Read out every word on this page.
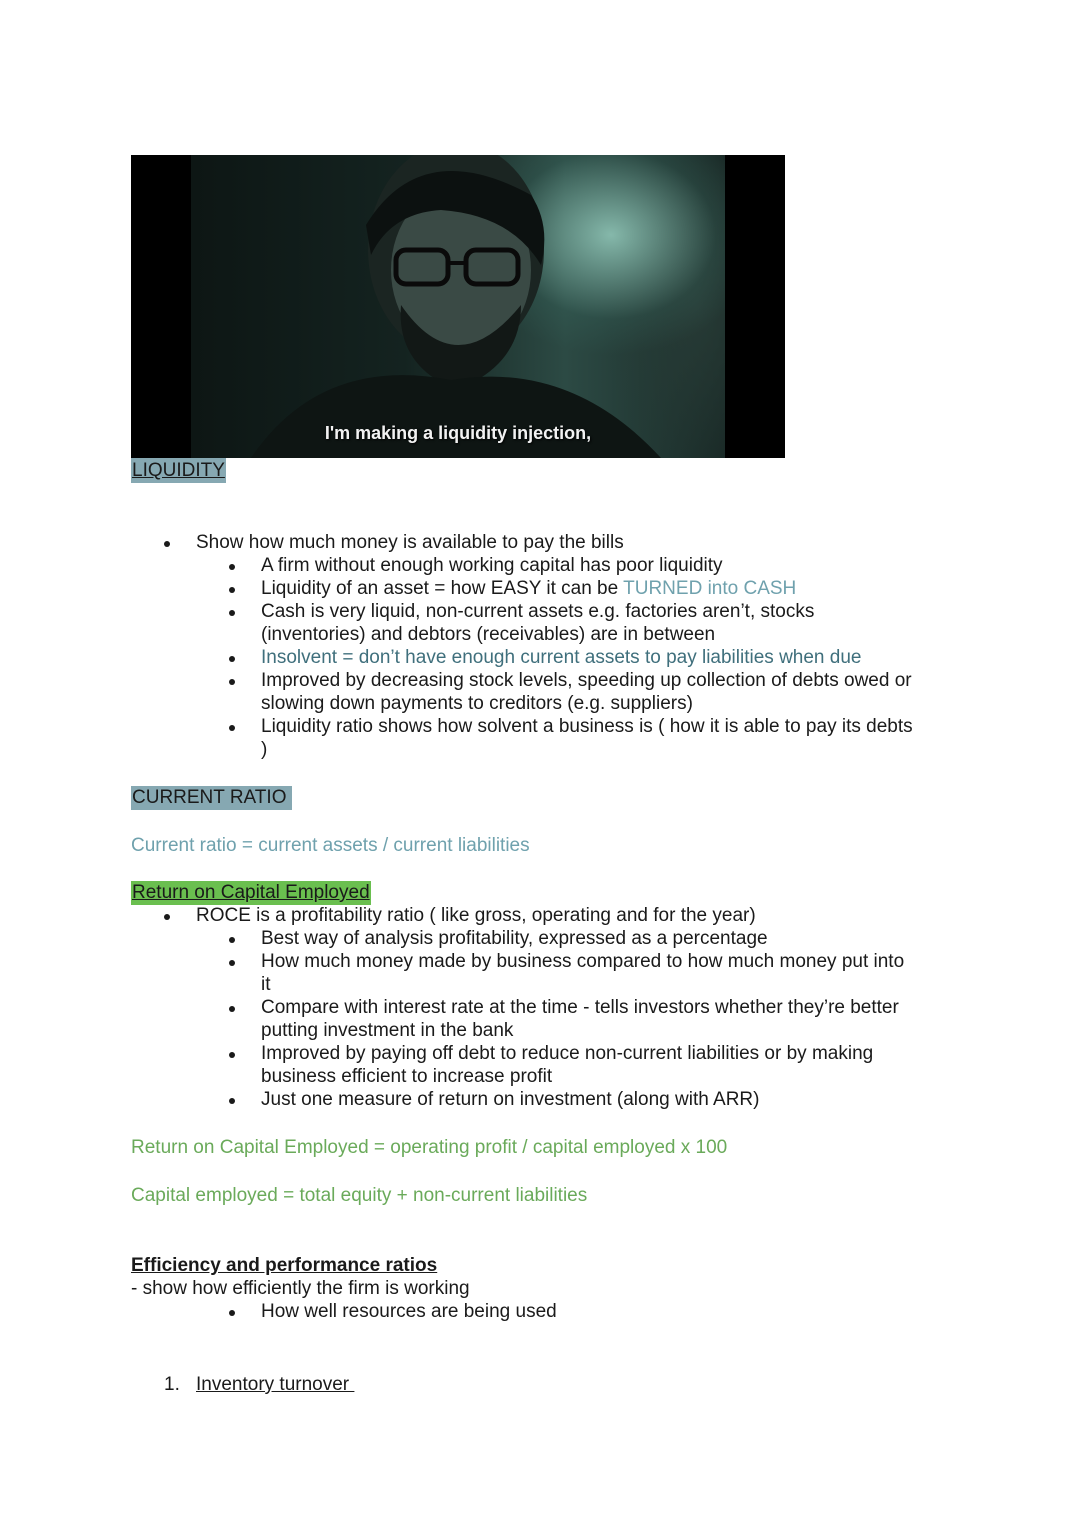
I'm making a liquidity injection,
LIQUIDITY
Show how much money is available to pay the bills
A firm without enough working capital has poor liquidity
Liquidity of an asset = how EASY it can be TURNED into CASH
Cash is very liquid, non-current assets e.g. factories aren’t, stocks
(inventories) and debtors (receivables) are in between
Insolvent = don’t have enough current assets to pay liabilities when due
Improved by decreasing stock levels, speeding up collection of debts owed or
slowing down payments to creditors (e.g. suppliers)
Liquidity ratio shows how solvent a business is ( how it is able to pay its debts
)
CURRENT RATIO
Current ratio = current assets / current liabilities
Return on Capital Employed
ROCE is a profitability ratio ( like gross, operating and for the year)
Best way of analysis profitability, expressed as a percentage
How much money made by business compared to how much money put into
it
Compare with interest rate at the time - tells investors whether they’re better
putting investment in the bank
Improved by paying off debt to reduce non-current liabilities or by making
business efficient to increase profit
Just one measure of return on investment (along with ARR)
Return on Capital Employed = operating profit / capital employed x 100
Capital employed = total equity + non-current liabilities
Efficiency and performance ratios
- show how efficiently the firm is working
How well resources are being used
1. Inventory turnover
